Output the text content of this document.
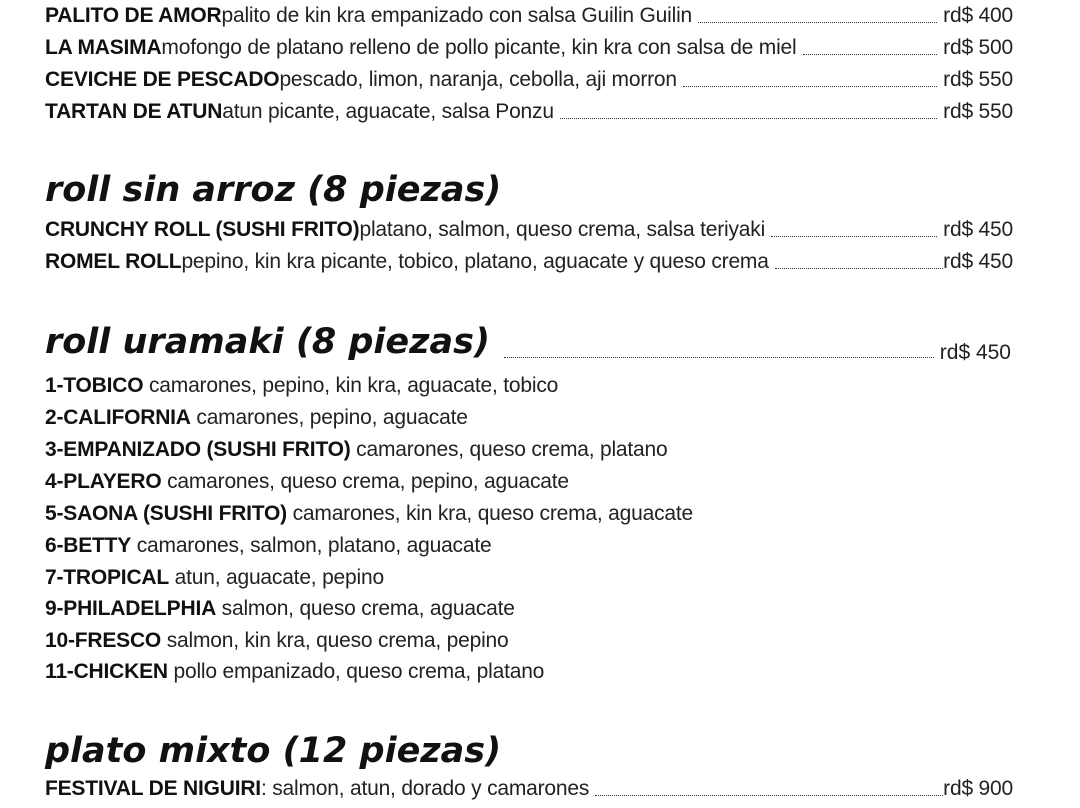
PALITO DE AMOR palito de kin kra empanizado con salsa Guilin Guilin	rd$ 400
LA MASIMA mofongo de platano relleno de pollo picante, kin kra con salsa de miel	rd$ 500
CEVICHE DE PESCADO pescado, limon, naranja, cebolla, aji morron	rd$ 550
TARTAN DE ATUN atun picante, aguacate, salsa Ponzu	rd$ 550
roll sin arroz (8 piezas)
CRUNCHY ROLL (SUSHI FRITO) platano, salmon, queso crema, salsa teriyaki	rd$ 450
ROMEL ROLL pepino, kin kra picante, tobico, platano, aguacate y queso crema	rd$ 450
roll uramaki (8 piezas)	rd$ 450
1-TOBICO camarones, pepino, kin kra, aguacate, tobico
2-CALIFORNIA camarones, pepino, aguacate
3-EMPANIZADO (SUSHI FRITO) camarones, queso crema, platano
4-PLAYERO camarones, queso crema, pepino, aguacate
5-SAONA (SUSHI FRITO) camarones, kin kra, queso crema, aguacate
6-BETTY camarones, salmon, platano, aguacate
7-TROPICAL atun, aguacate, pepino
9-PHILADELPHIA salmon, queso crema, aguacate
10-FRESCO salmon, kin kra, queso crema, pepino
11-CHICKEN pollo empanizado, queso crema, platano
plato mixto (12 piezas)
FESTIVAL DE NIGUIRI : salmon, atun, dorado y camarones	rd$ 900
